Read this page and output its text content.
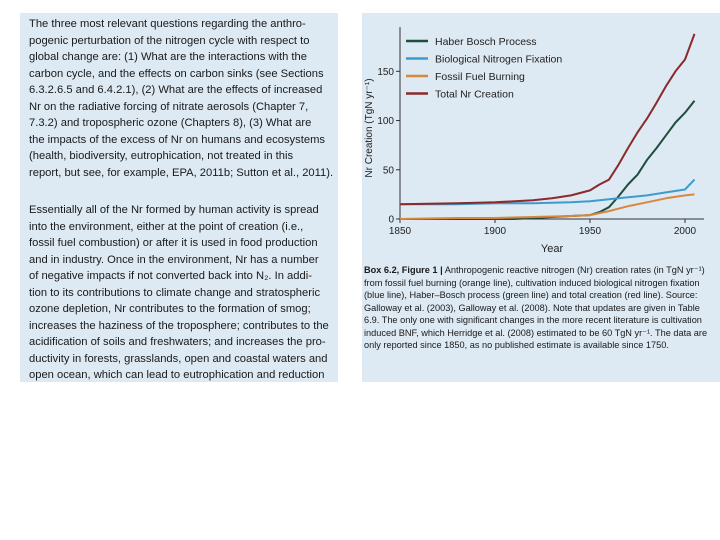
The three most relevant questions regarding the anthro-
pogenic perturbation of the nitrogen cycle with respect to
global change are: (1) What are the interactions with the
carbon cycle, and the effects on carbon sinks (see Sections
6.3.2.6.5 and 6.4.2.1), (2) What are the effects of increased
Nr on the radiative forcing of nitrate aerosols (Chapter 7,
7.3.2) and tropospheric ozone (Chapters 8), (3) What are
the impacts of the excess of Nr on humans and ecosystems
(health, biodiversity, eutrophication, not treated in this
report, but see, for example, EPA, 2011b; Sutton et al., 2011).
Essentially all of the Nr formed by human activity is spread
into the environment, either at the point of creation (i.e.,
fossil fuel combustion) or after it is used in food production
and in industry. Once in the environment, Nr has a number
of negative impacts if not converted back into N₂. In addi-
tion to its contributions to climate change and stratospheric
ozone depletion, Nr contributes to the formation of smog;
increases the haziness of the troposphere; contributes to the
acidification of soils and freshwaters; and increases the pro-
ductivity in forests, grasslands, open and coastal waters and
open ocean, which can lead to eutrophication and reduction
1850	1900	1950	2000
0
50
100
150
Haber Bosch Process
Biological Nitrogen Fixation
Fossil Fuel Burning
Total Nr Creation
Nr Creation (TgN yr⁻¹)
Year
Box 6.2, Figure 1 | Anthropogenic reactive nitrogen (Nr) creation rates (in TgN yr⁻¹)
from fossil fuel burning (orange line), cultivation induced biological nitrogen fixation
(blue line), Haber–Bosch process (green line) and total creation (red line). Source:
Galloway et al. (2003), Galloway et al. (2008). Note that updates are given in Table
6.9. The only one with significant changes in the more recent literature is cultivation
induced BNF, which Herridge et al. (2008) estimated to be 60 TgN yr⁻¹. The data are
only reported since 1850, as no published estimate is available since 1750.
